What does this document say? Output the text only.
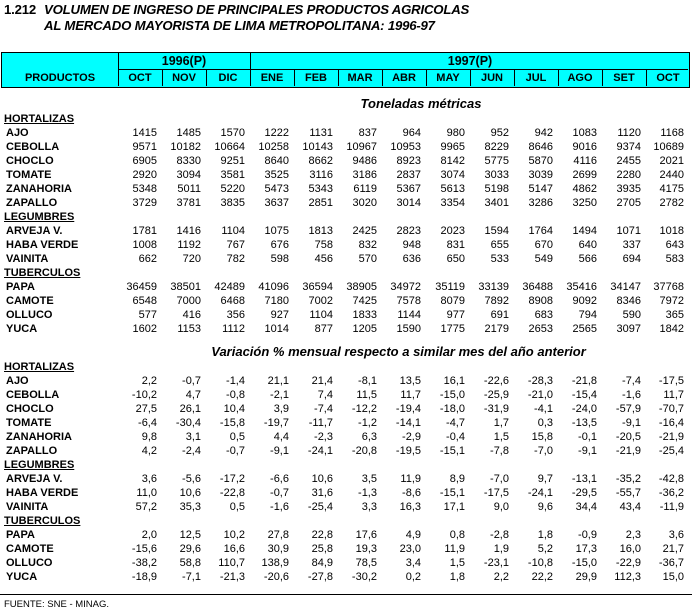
1.212 VOLUMEN DE INGRESO DE PRINCIPALES PRODUCTOS AGRICOLAS
AL MERCADO MAYORISTA DE LIMA METROPOLITANA: 1996-97
PRODUCTOS
1996(P)	1997(P)
OCT	NOV	DIC	ENE	FEB	MAR	ABR	MAY	JUN	JUL	AGO	SET	OCT
Toneladas métricas
HORTALIZAS
AJO	1415	1485	1570	1222	1131	837	964	980	952	942	1083	1120	1168
CEBOLLA	9571	10182	10664	10258	10143	10967	10953	9965	8229	8646	9016	9374	10689
CHOCLO	6905	8330	9251	8640	8662	9486	8923	8142	5775	5870	4116	2455	2021
TOMATE	2920	3094	3581	3525	3116	3186	2837	3074	3033	3039	2699	2280	2440
ZANAHORIA	5348	5011	5220	5473	5343	6119	5367	5613	5198	5147	4862	3935	4175
ZAPALLO	3729	3781	3835	3637	2851	3020	3014	3354	3401	3286	3250	2705	2782
LEGUMBRES
ARVEJA V.	1781	1416	1104	1075	1813	2425	2823	2023	1594	1764	1494	1071	1018
HABA VERDE	1008	1192	767	676	758	832	948	831	655	670	640	337	643
VAINITA	662	720	782	598	456	570	636	650	533	549	566	694	583
TUBERCULOS
PAPA	36459	38501	42489	41096	36594	38905	34972	35119	33139	36488	35416	34147	37768
CAMOTE	6548	7000	6468	7180	7002	7425	7578	8079	7892	8908	9092	8346	7972
OLLUCO	577	416	356	927	1104	1833	1144	977	691	683	794	590	365
YUCA	1602	1153	1112	1014	877	1205	1590	1775	2179	2653	2565	3097	1842
Variación % mensual respecto a similar mes del año anterior
HORTALIZAS
AJO	2,2	-0,7	-1,4	21,1	21,4	-8,1	13,5	16,1	-22,6	-28,3	-21,8	-7,4	-17,5
CEBOLLA	-10,2	4,7	-0,8	-2,1	7,4	11,5	11,7	-15,0	-25,9	-21,0	-15,4	-1,6	11,7
CHOCLO	27,5	26,1	10,4	3,9	-7,4	-12,2	-19,4	-18,0	-31,9	-4,1	-24,0	-57,9	-70,7
TOMATE	-6,4	-30,4	-15,8	-19,7	-11,7	-1,2	-14,1	-4,7	1,7	0,3	-13,5	-9,1	-16,4
ZANAHORIA	9,8	3,1	0,5	4,4	-2,3	6,3	-2,9	-0,4	1,5	15,8	-0,1	-20,5	-21,9
ZAPALLO	4,2	-2,4	-0,7	-9,1	-24,1	-20,8	-19,5	-15,1	-7,8	-7,0	-9,1	-21,9	-25,4
LEGUMBRES
ARVEJA V.	3,6	-5,6	-17,2	-6,6	10,6	3,5	11,9	8,9	-7,0	9,7	-13,1	-35,2	-42,8
HABA VERDE	11,0	10,6	-22,8	-0,7	31,6	-1,3	-8,6	-15,1	-17,5	-24,1	-29,5	-55,7	-36,2
VAINITA	57,2	35,3	0,5	-1,6	-25,4	3,3	16,3	17,1	9,0	9,6	34,4	43,4	-11,9
TUBERCULOS
PAPA	2,0	12,5	10,2	27,8	22,8	17,6	4,9	0,8	-2,8	1,8	-0,9	2,3	3,6
CAMOTE	-15,6	29,6	16,6	30,9	25,8	19,3	23,0	11,9	1,9	5,2	17,3	16,0	21,7
OLLUCO	-38,2	58,8	110,7	138,9	84,9	78,5	3,4	1,5	-23,1	-10,8	-15,0	-22,9	-36,7
YUCA	-18,9	-7,1	-21,3	-20,6	-27,8	-30,2	0,2	1,8	2,2	22,2	29,9	112,3	15,0
FUENTE: SNE - MINAG.
